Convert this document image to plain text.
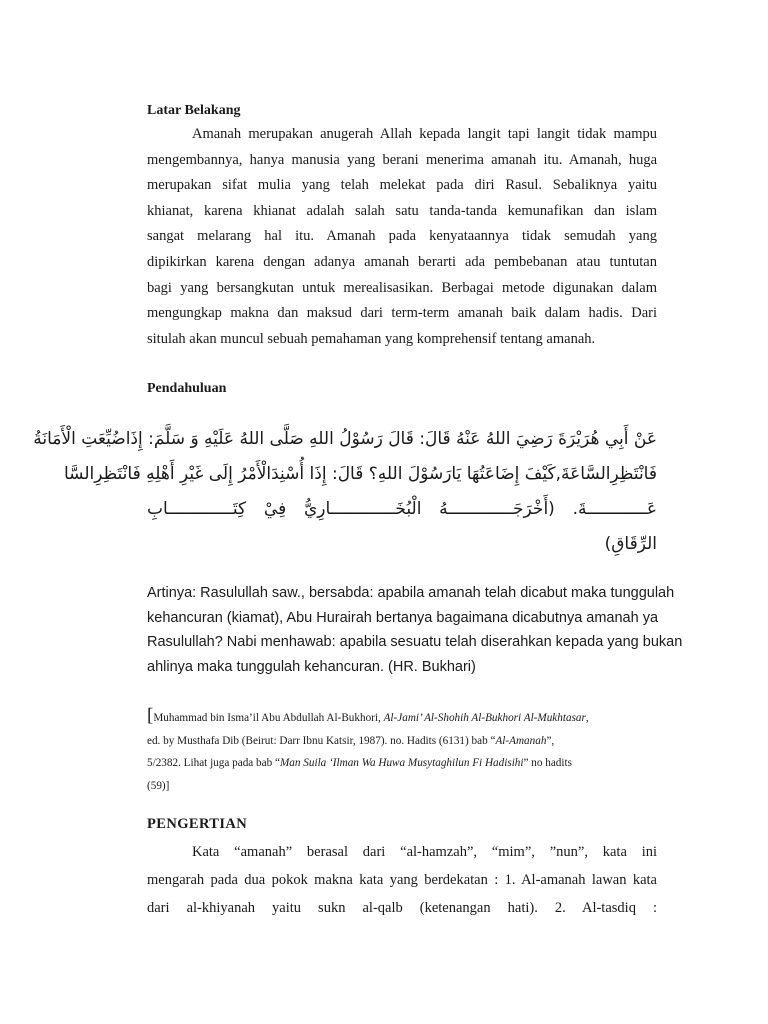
Latar Belakang
Amanah merupakan anugerah Allah kepada langit tapi langit tidak mampu
mengembannya, hanya manusia yang berani menerima amanah itu. Amanah, huga
merupakan sifat mulia yang telah melekat pada diri Rasul. Sebaliknya yaitu
khianat, karena khianat adalah salah satu tanda-tanda kemunafikan dan islam
sangat melarang hal itu. Amanah pada kenyataannya tidak semudah yang
dipikirkan karena dengan adanya amanah berarti ada pembebanan atau tuntutan
bagi yang bersangkutan untuk merealisasikan. Berbagai metode digunakan dalam
mengungkap makna dan maksud dari term-term amanah baik dalam hadis. Dari
situlah akan muncul sebuah pemahaman yang komprehensif tentang amanah.
Pendahuluan
عَنْ أَبِي هُرَيْرَةَ رَضِيَ اللهُ عَنْهُ قَالَ: قَالَ رَسُوْلُ اللهِ صَلَّى اللهُ عَلَيْهِ وَ سَلَّمَ: إِذَاضُيِّعَتِ الْأَمَانَةُ
فَانْتَظِرِالسَّاعَةَ,كَيْفَ إِضَاعَتُهَا يَارَسُوْلَ اللهِ؟ قَالَ: إِذَا أُسْنِدَالْأَمْرُ إِلَى غَيْرِ أَهْلِهِ فَانْتَظِرِالسَّا
عَــــــــــــةَ. (أَخْرَجَـــــــــــــهُ الْبُخَـــــــــــــارِيُّ فِيْ كِتَـــــــــــــابِ
الرِّقَاقِ)
Artinya: Rasulullah saw., bersabda: apabila amanah telah dicabut maka tunggulah
kehancuran (kiamat), Abu Hurairah bertanya bagaimana dicabutnya amanah ya
Rasulullah? Nabi menhawab: apabila sesuatu telah diserahkan kepada yang bukan
ahlinya maka tunggulah kehancuran. (HR. Bukhari)
[Muhammad bin Isma’il Abu Abdullah Al-Bukhori, Al-Jami’ Al-Shohih Al-Bukhori Al-Mukhtasar,
ed. by Musthafa Dib (Beirut: Darr Ibnu Katsir, 1987). no. Hadits (6131) bab “Al-Amanah”,
5/2382. Lihat juga pada bab “Man Suila ‘Ilman Wa Huwa Musytaghilun Fi Hadisihi” no hadits
(59)]
PENGERTIAN
Kata “amanah” berasal dari “al-hamzah”, “mim”, ”nun”, kata ini
mengarah pada dua pokok makna kata yang berdekatan : 1. Al-amanah lawan kata
dari al-khiyanah yaitu sukn al-qalb (ketenangan hati). 2. Al-tasdiq :
